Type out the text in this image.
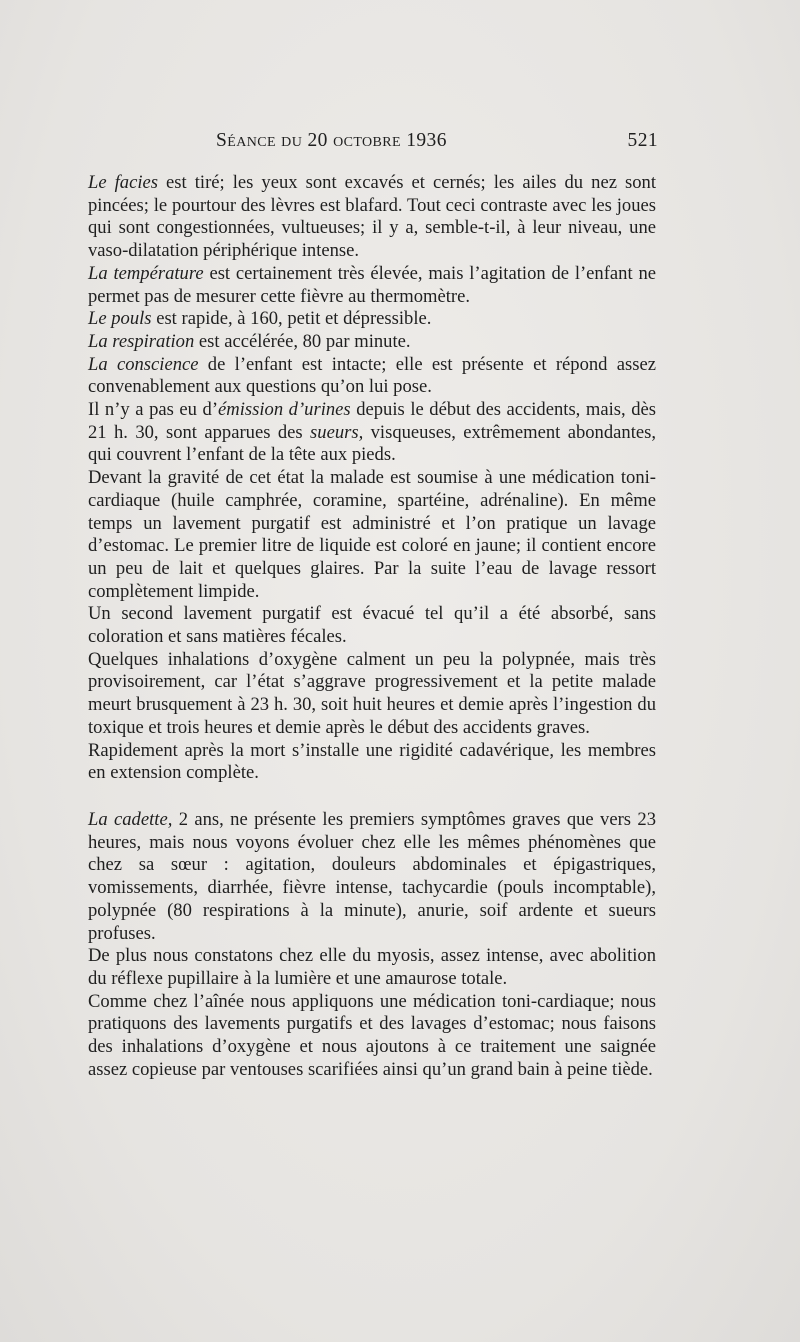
Séance du 20 octobre 1936	521

Le facies est tiré; les yeux sont excavés et cernés; les ailes du nez sont pincées; le pourtour des lèvres est blafard. Tout ceci contraste avec les joues qui sont congestionnées, vultueuses; il y a, semble-t-il, à leur niveau, une vaso-dilatation périphérique intense.

La température est certainement très élevée, mais l’agitation de l’enfant ne permet pas de mesurer cette fièvre au thermomètre.

Le pouls est rapide, à 160, petit et dépressible.

La respiration est accélérée, 80 par minute.

La conscience de l’enfant est intacte; elle est présente et répond assez convenablement aux questions qu’on lui pose.

Il n’y a pas eu d’émission d’urines depuis le début des accidents, mais, dès 21 h. 30, sont apparues des sueurs, visqueuses, extrêmement abondantes, qui couvrent l’enfant de la tête aux pieds.

Devant la gravité de cet état la malade est soumise à une médication toni-cardiaque (huile camphrée, coramine, spartéine, adrénaline). En même temps un lavement purgatif est administré et l’on pratique un lavage d’estomac. Le premier litre de liquide est coloré en jaune; il contient encore un peu de lait et quelques glaires. Par la suite l’eau de lavage ressort complètement limpide.

Un second lavement purgatif est évacué tel qu’il a été absorbé, sans coloration et sans matières fécales.

Quelques inhalations d’oxygène calment un peu la polypnée, mais très provisoirement, car l’état s’aggrave progressivement et la petite malade meurt brusquement à 23 h. 30, soit huit heures et demie après l’ingestion du toxique et trois heures et demie après le début des accidents graves.

Rapidement après la mort s’installe une rigidité cadavérique, les membres en extension complète.

La cadette, 2 ans, ne présente les premiers symptômes graves que vers 23 heures, mais nous voyons évoluer chez elle les mêmes phénomènes que chez sa sœur : agitation, douleurs abdominales et épigastriques, vomissements, diarrhée, fièvre intense, tachycardie (pouls incomptable), polypnée (80 respirations à la minute), anurie, soif ardente et sueurs profuses.

De plus nous constatons chez elle du myosis, assez intense, avec abolition du réflexe pupillaire à la lumière et une amaurose totale.

Comme chez l’aînée nous appliquons une médication toni-cardiaque; nous pratiquons des lavements purgatifs et des lavages d’estomac; nous faisons des inhalations d’oxygène et nous ajoutons à ce traitement une saignée assez copieuse par ventouses scarifiées ainsi qu’un grand bain à peine tiède.
